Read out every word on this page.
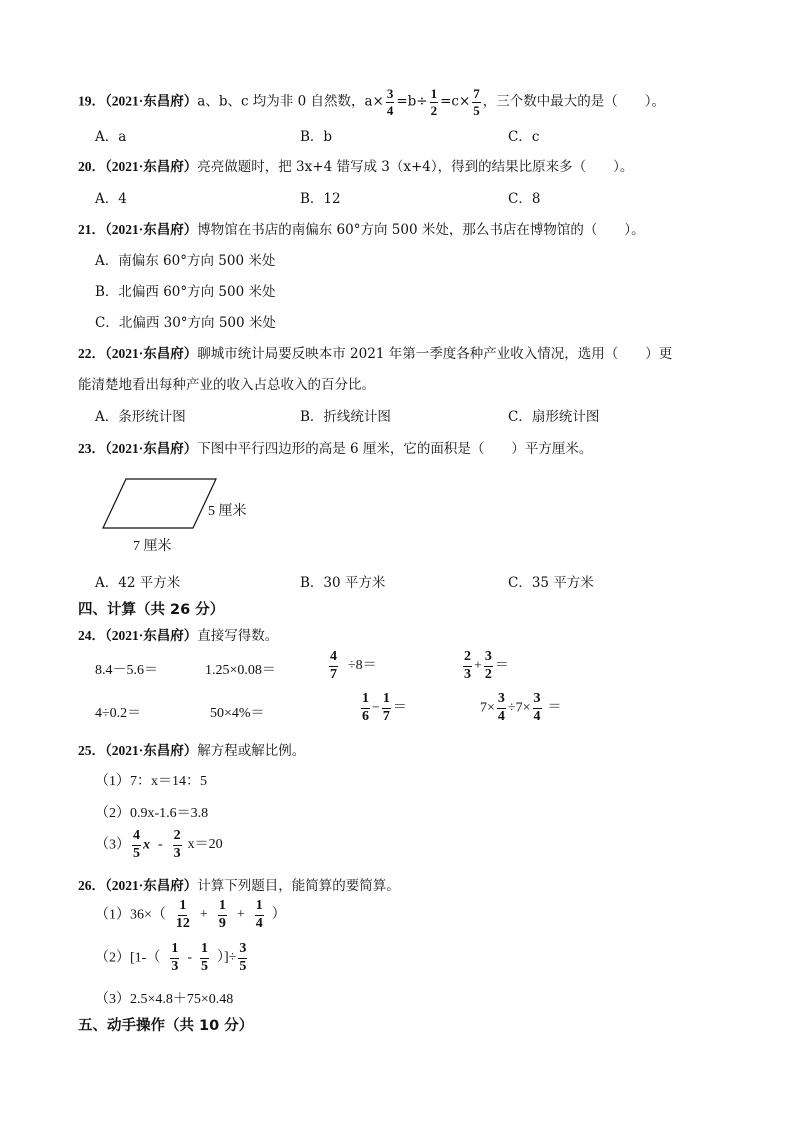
19．（2021·东昌府）a、b、c 均为非 0 自然数，$a\times \frac{3}{4} =b\div \frac{1}{2} =c\times \frac{7}{5}$ ，三个数中最大的是（　　）。
A．a	B．b	C．c
20．（2021·东昌府）亮亮做题时，把 3x+4 错写成 3（x+4），得到的结果比原来多（　　）。
A．4	B．12	C．8
21．（2021·东昌府）博物馆在书店的南偏东 60°方向 500 米处，那么书店在博物馆的（　　）。
A．南偏东 60°方向 500 米处
B．北偏西 60°方向 500 米处
C．北偏西 30°方向 500 米处
22．（2021·东昌府）聊城市统计局要反映本市 2021 年第一季度各种产业收入情况，选用（　　）更
能清楚地看出每种产业的收入占总收入的百分比。
A．条形统计图	B．折线统计图	C．扇形统计图
23．（2021·东昌府）下图中平行四边形的高是 6 厘米，它的面积是（　　）平方厘米。
5 厘米
7 厘米
A．42 平方米	B．30 平方米	C．35 平方米
四、计算（共 26 分）
24．（2021·东昌府）直接写得数。
8.4－5.6＝	1.25×0.08＝	$\frac{4}{7} \div 8=$	$\frac{2}{3} + \frac{3}{2}$ ＝
4÷0.2＝	50×4%＝	$\frac{1}{6} - \frac{1}{7}$ ＝	$7\times \frac{3}{4} \div 7\times \frac{3}{4}$ ＝
25．（2021·东昌府）解方程或解比例。
（1）7：x＝14：5
（2）0.9x-1.6＝3.8
$(3) \frac{4}{5}$ $x - \frac{2}{3} x=20$
26．（2021·东昌府）计算下列题目，能简算的要简算。
$(1)36\times( \frac{1}{12} + \frac{1}{9} + \frac{1}{4}$ ）
$(2)[1-( \frac{1}{3} - \frac{1}{5}$ ）]÷ $\frac{3}{5}$
（3）2.5×4.8＋75×0.48
五、动手操作（共 10 分）
